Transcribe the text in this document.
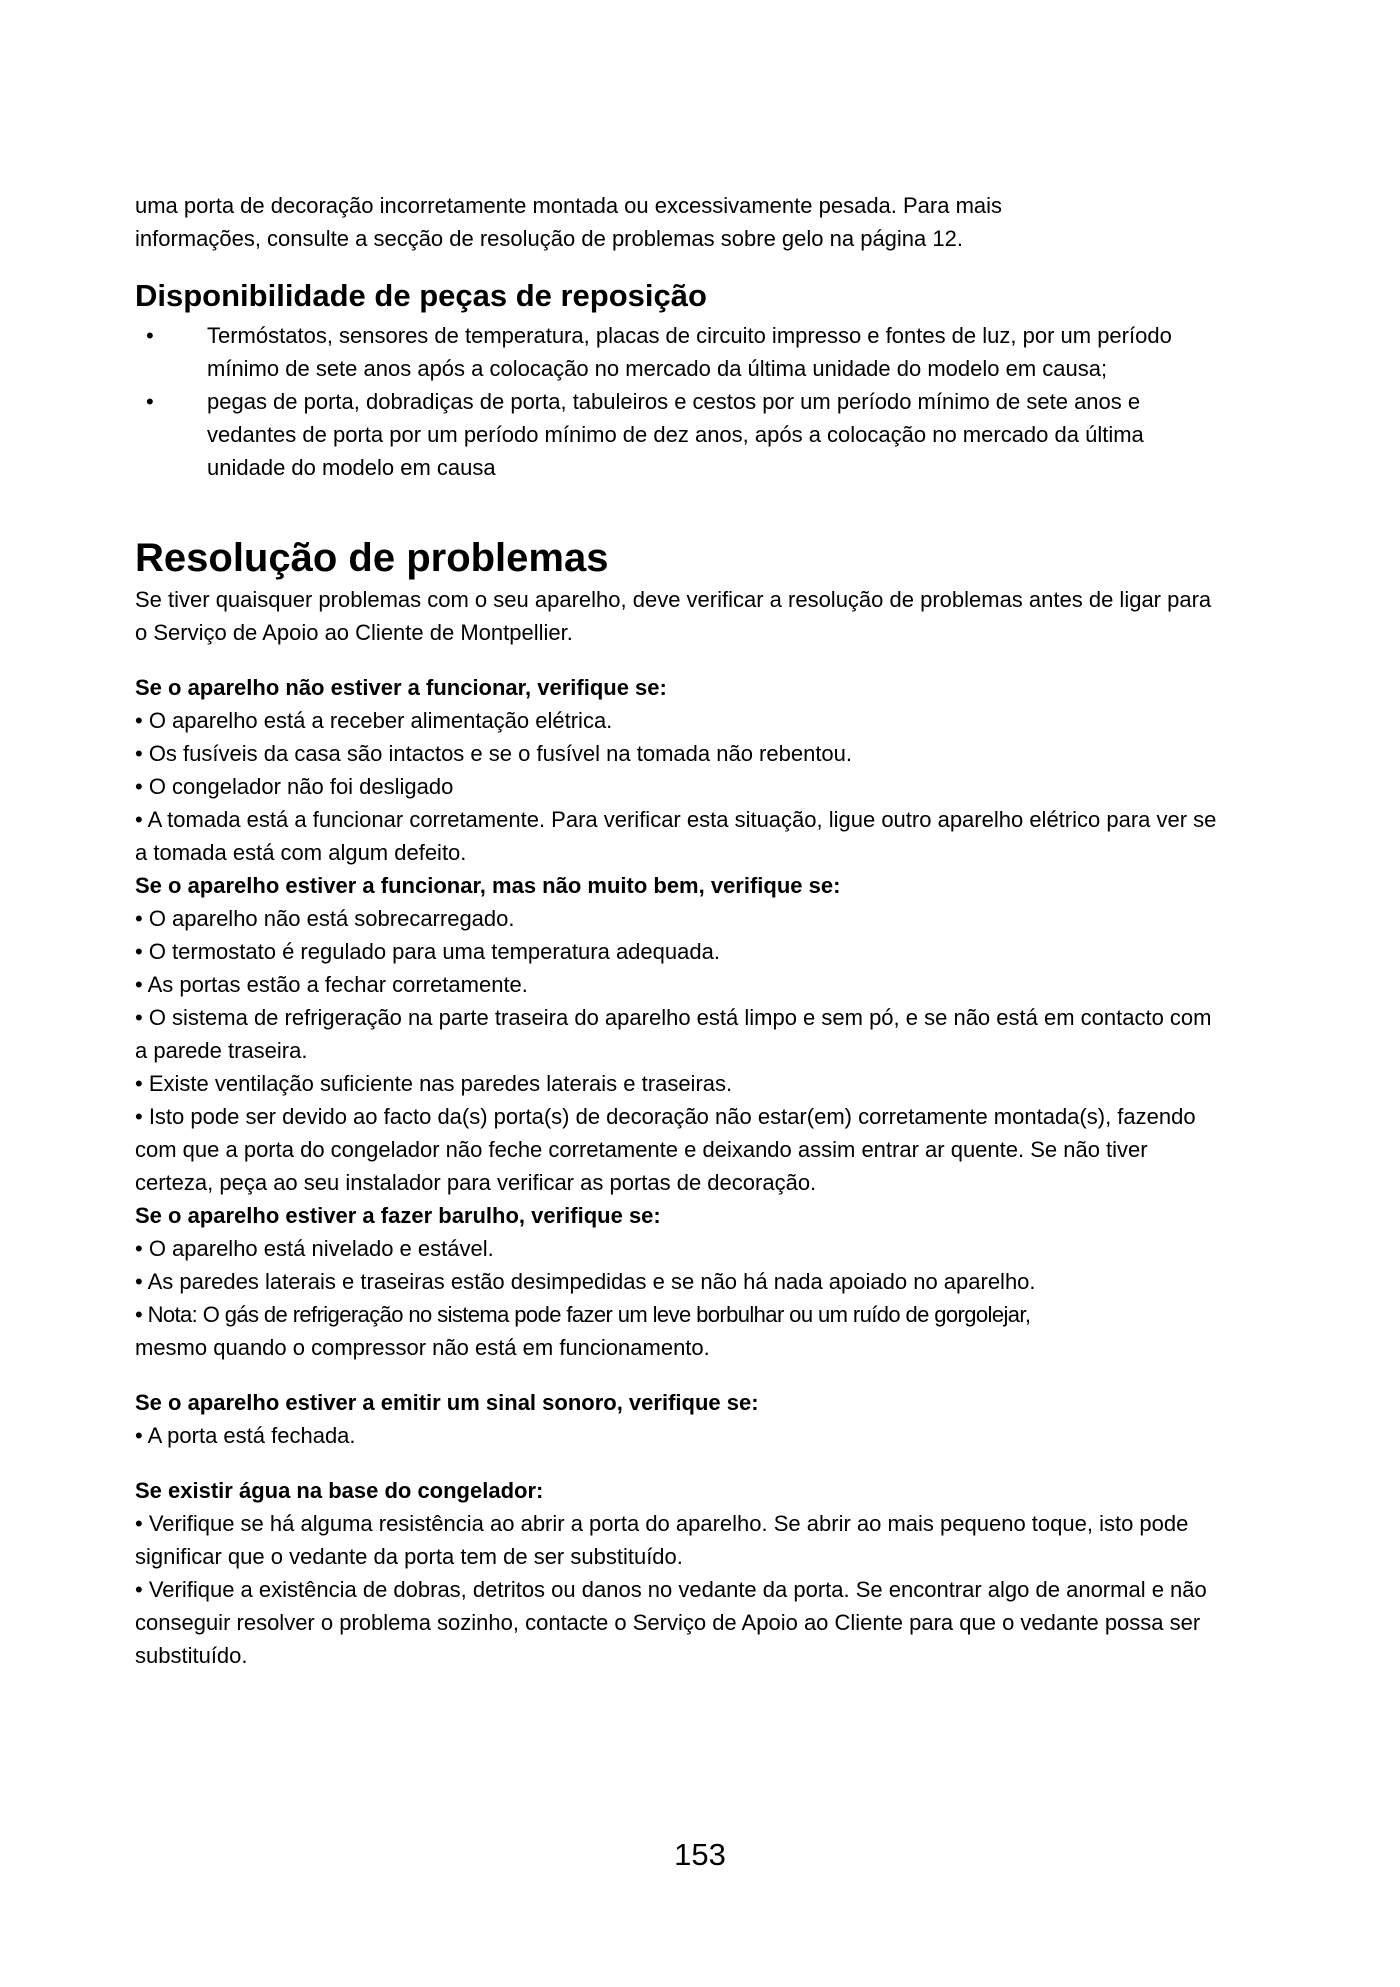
uma porta de decoração incorretamente montada ou excessivamente pesada. Para mais
informações, consulte a secção de resolução de problemas sobre gelo na página 12.

Disponibilidade de peças de reposição
• Termóstatos, sensores de temperatura, placas de circuito impresso e fontes de luz, por um período mínimo de sete anos após a colocação no mercado da última unidade do modelo em causa;
• pegas de porta, dobradiças de porta, tabuleiros e cestos por um período mínimo de sete anos e vedantes de porta por um período mínimo de dez anos, após a colocação no mercado da última unidade do modelo em causa
Resolução de problemas

Se tiver quaisquer problemas com o seu aparelho, deve verificar a resolução de problemas antes de ligar para o Serviço de Apoio ao Cliente de Montpellier.

Se o aparelho não estiver a funcionar, verifique se:

• O aparelho está a receber alimentação elétrica.

• Os fusíveis da casa são intactos e se o fusível na tomada não rebentou.

• O congelador não foi desligado

• A tomada está a funcionar corretamente. Para verificar esta situação, ligue outro aparelho elétrico para ver se a tomada está com algum defeito.

Se o aparelho estiver a funcionar, mas não muito bem, verifique se:

• O aparelho não está sobrecarregado.

• O termostato é regulado para uma temperatura adequada.

• As portas estão a fechar corretamente.

• O sistema de refrigeração na parte traseira do aparelho está limpo e sem pó, e se não está em contacto com a parede traseira.

• Existe ventilação suficiente nas paredes laterais e traseiras.

• Isto pode ser devido ao facto da(s) porta(s) de decoração não estar(em) corretamente montada(s), fazendo com que a porta do congelador não feche corretamente e deixando assim entrar ar quente. Se não tiver certeza, peça ao seu instalador para verificar as portas de decoração.

Se o aparelho estiver a fazer barulho, verifique se:

• O aparelho está nivelado e estável.

• As paredes laterais e traseiras estão desimpedidas e se não há nada apoiado no aparelho.

• Nota: O gás de refrigeração no sistema pode fazer um leve borbulhar ou um ruído de gorgolejar,
mesmo quando o compressor não está em funcionamento.

Se o aparelho estiver a emitir um sinal sonoro, verifique se:

• A porta está fechada.

Se existir água na base do congelador:

• Verifique se há alguma resistência ao abrir a porta do aparelho. Se abrir ao mais pequeno toque, isto pode significar que o vedante da porta tem de ser substituído.

• Verifique a existência de dobras, detritos ou danos no vedante da porta. Se encontrar algo de anormal e não conseguir resolver o problema sozinho, contacte o Serviço de Apoio ao Cliente para que o vedante possa ser substituído.

153
